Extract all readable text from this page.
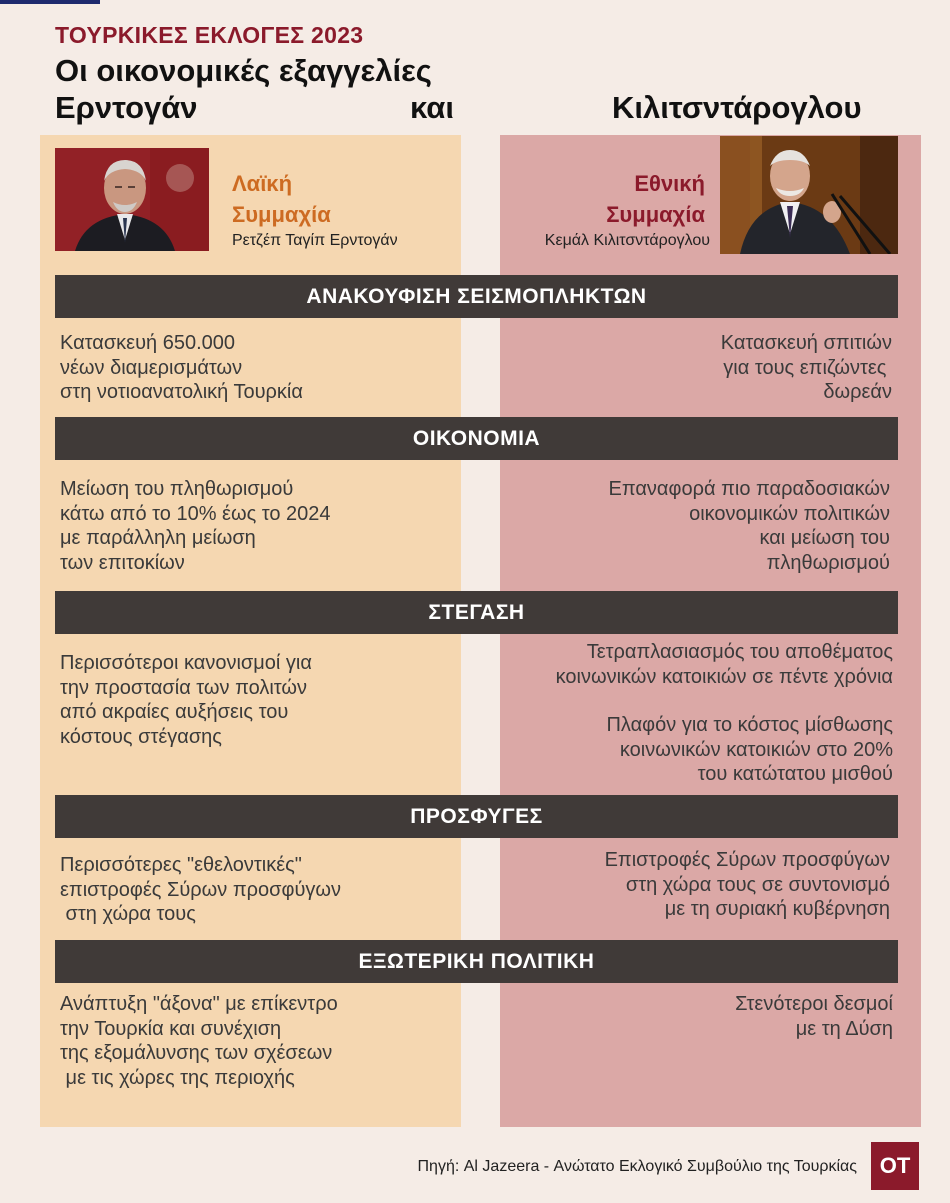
ΤΟΥΡΚΙΚΕΣ ΕΚΛΟΓΕΣ 2023
Οι οικονομικές εξαγγελίες
Ερντογάν	και	Κιλιτσντάρογλου
Λαϊκή
Συμμαχία
Ρετζέπ Ταγίπ Ερντογάν
Εθνική
Συμμαχία
Κεμάλ Κιλιτσντάρογλου
ΑΝΑΚΟΥΦΙΣΗ ΣΕΙΣΜΟΠΛΗΚΤΩΝ
Κατασκευή 650.000
νέων διαμερισμάτων
στη νοτιοανατολική Τουρκία
Κατασκευή σπιτιών
για τους επιζώντες
δωρεάν
ΟΙΚΟΝΟΜΙΑ
Μείωση του πληθωρισμού
κάτω από το 10% έως το 2024
με παράλληλη μείωση
των επιτοκίων
Επαναφορά πιο παραδοσιακών
οικονομικών πολιτικών
και μείωση του
πληθωρισμού
ΣΤΕΓΑΣΗ
Περισσότεροι κανονισμοί για
την προστασία των πολιτών
από ακραίες αυξήσεις του
κόστους στέγασης
Τετραπλασιασμός του αποθέματος
κοινωνικών κατοικιών σε πέντε χρόνια
Πλαφόν για το κόστος μίσθωσης
κοινωνικών κατοικιών στο 20%
του κατώτατου μισθού
ΠΡΟΣΦΥΓΕΣ
Περισσότερες "εθελοντικές"
επιστροφές Σύρων προσφύγων
στη χώρα τους
Επιστροφές Σύρων προσφύγων
στη χώρα τους σε συντονισμό
με τη συριακή κυβέρνηση
ΕΞΩΤΕΡΙΚΗ ΠΟΛΙΤΙΚΗ
Ανάπτυξη "άξονα" με επίκεντρο
την Τουρκία και συνέχιση
της εξομάλυνσης των σχέσεων
με τις χώρες της περιοχής
Στενότεροι δεσμοί
με τη Δύση
Πηγή: Al Jazeera - Ανώτατο Εκλογικό Συμβούλιο της Τουρκίας	OT
